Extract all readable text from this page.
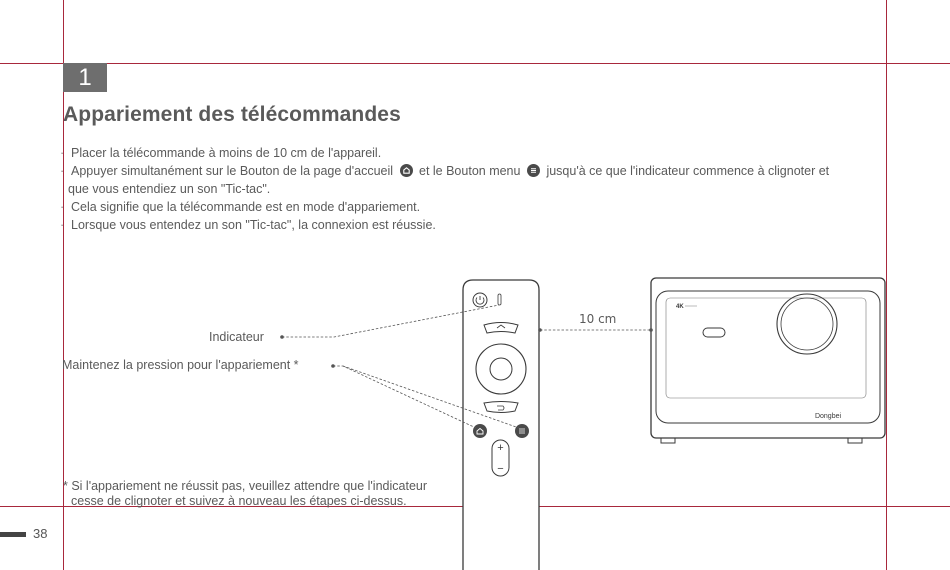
1
Appariement des télécommandes
· Placer la télécommande à moins de 10 cm de l'appareil.
· Appuyer simultanément sur le Bouton de la page d'accueil et le Bouton menu jusqu'à ce que l'indicateur commence à clignoter et
que vous entendiez un son "Tic-tac".
· Cela signifie que la télécommande est en mode d'appariement.
· Lorsque vous entendez un son "Tic-tac", la connexion est réussie.
+
−
4K
Dongbei
Indicateur
Maintenez la pression pour l'appariement *
10 cm
* Si l'appariement ne réussit pas, veuillez attendre que l'indicateur
cesse de clignoter et suivez à nouveau les étapes ci-dessus.
38
